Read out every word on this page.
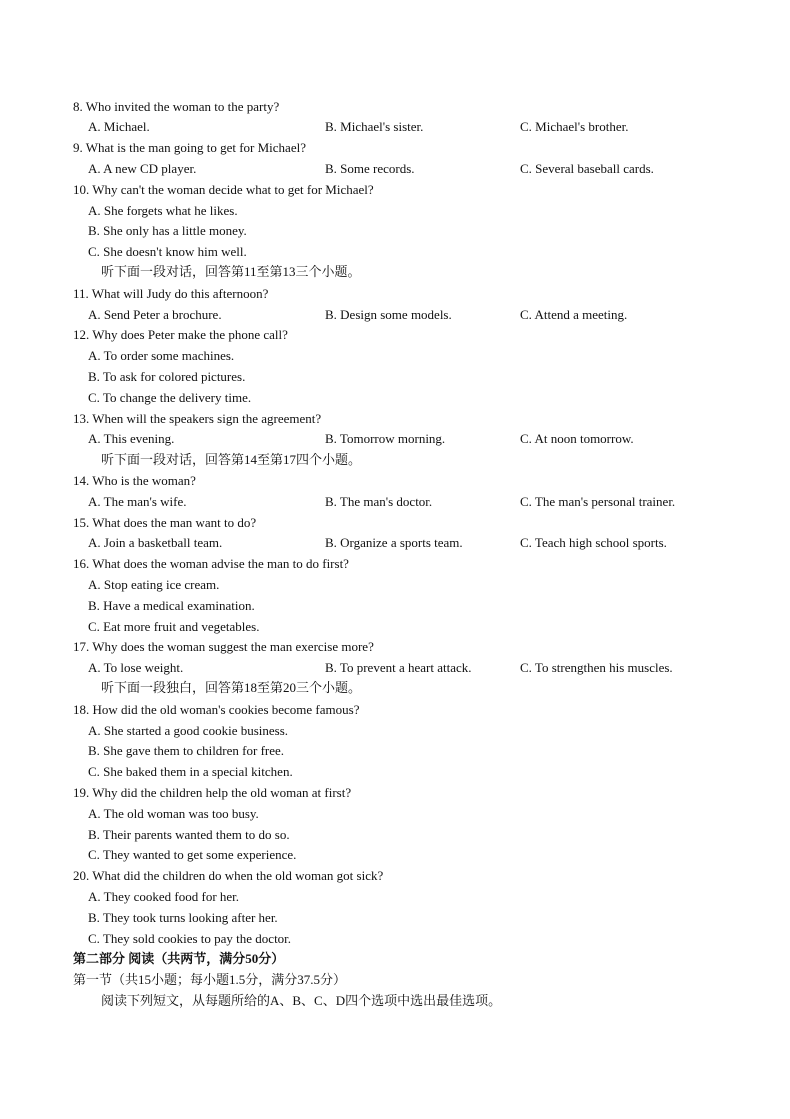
8. Who invited the woman to the party?
A. Michael.	B. Michael's sister.	C. Michael's brother.
9. What is the man going to get for Michael?
A. A new CD player.	B. Some records.	C. Several baseball cards.
10. Why can't the woman decide what to get for Michael?
A. She forgets what he likes.
B. She only has a little money.
C. She doesn't know him well.
听下面一段对话，回答第11至第13三个小题。
11. What will Judy do this afternoon?
A. Send Peter a brochure.	B. Design some models.	C. Attend a meeting.
12. Why does Peter make the phone call?
A. To order some machines.
B. To ask for colored pictures.
C. To change the delivery time.
13. When will the speakers sign the agreement?
A. This evening.	B. Tomorrow morning.	C. At noon tomorrow.
听下面一段对话，回答第14至第17四个小题。
14. Who is the woman?
A. The man's wife.	B. The man's doctor.	C. The man's personal trainer.
15. What does the man want to do?
A. Join a basketball team.	B. Organize a sports team.	C. Teach high school sports.
16. What does the woman advise the man to do first?
A. Stop eating ice cream.
B. Have a medical examination.
C. Eat more fruit and vegetables.
17. Why does the woman suggest the man exercise more?
A. To lose weight.	B. To prevent a heart attack.	C. To strengthen his muscles.
听下面一段独白，回答第18至第20三个小题。
18. How did the old woman's cookies become famous?
A. She started a good cookie business.
B. She gave them to children for free.
C. She baked them in a special kitchen.
19. Why did the children help the old woman at first?
A. The old woman was too busy.
B. Their parents wanted them to do so.
C. They wanted to get some experience.
20. What did the children do when the old woman got sick?
A. They cooked food for her.
B. They took turns looking after her.
C. They sold cookies to pay the doctor.
第二部分 阅读（共两节，满分50分）
第一节（共15小题；每小题1.5分，满分37.5分）
阅读下列短文，从每题所给的A、B、C、D四个选项中选出最佳选项。
